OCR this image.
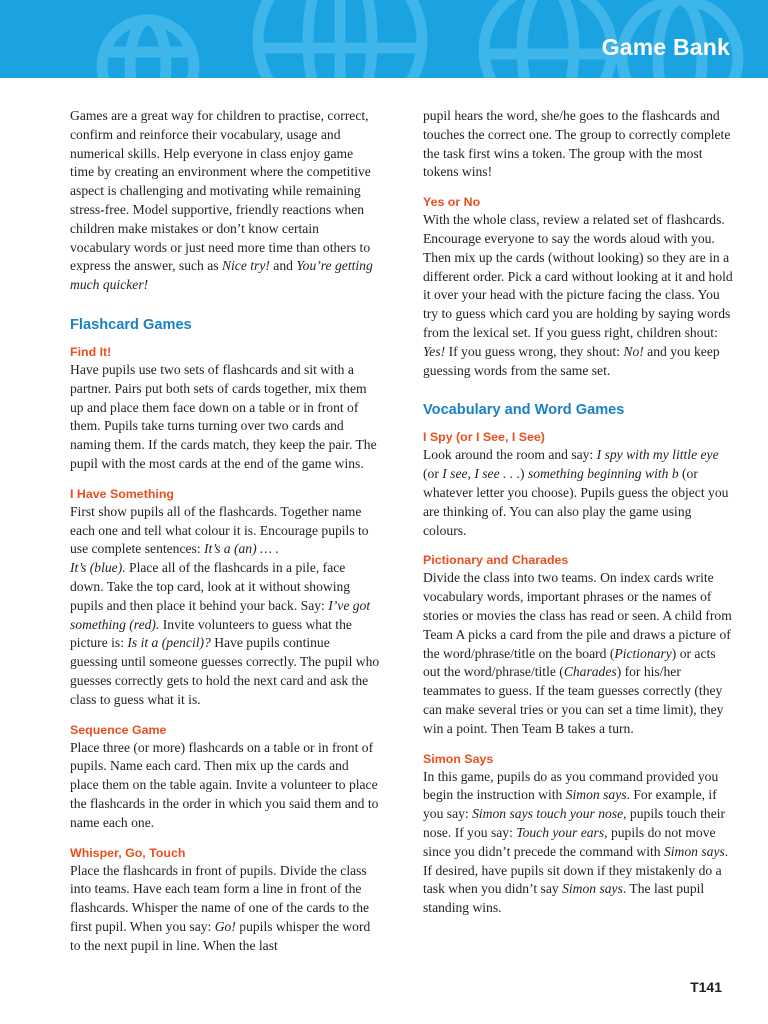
Game Bank

Games are a great way for children to practise, correct, confirm and reinforce their vocabulary, usage and numerical skills. Help everyone in class enjoy game time by creating an environment where the competitive aspect is challenging and motivating while remaining stress-free. Model supportive, friendly reactions when children make mistakes or don’t know certain vocabulary words or just need more time than others to express the answer, such as Nice try! and You’re getting much quicker!

Flashcard Games
Find It!

Have pupils use two sets of flashcards and sit with a partner. Pairs put both sets of cards together, mix them up and place them face down on a table or in front of them. Pupils take turns turning over two cards and naming them. If the cards match, they keep the pair. The pupil with the most cards at the end of the game wins.

I Have Something

First show pupils all of the flashcards. Together name each one and tell what colour it is. Encourage pupils to use complete sentences: It’s a (an) … .
It’s (blue). Place all of the flashcards in a pile, face down. Take the top card, look at it without showing pupils and then place it behind your back. Say: I’ve got something (red). Invite volunteers to guess what the picture is: Is it a (pencil)? Have pupils continue guessing until someone guesses correctly. The pupil who guesses correctly gets to hold the next card and ask the class to guess what it is.

Sequence Game

Place three (or more) flashcards on a table or in front of pupils. Name each card. Then mix up the cards and place them on the table again. Invite a volunteer to place the flashcards in the order in which you said them and to name each one.

Whisper, Go, Touch

Place the flashcards in front of pupils. Divide the class into teams. Have each team form a line in front of the flashcards. Whisper the name of one of the cards to the first pupil. When you say: Go! pupils whisper the word to the next pupil in line. When the last

pupil hears the word, she/he goes to the flashcards and touches the correct one. The group to correctly complete the task first wins a token. The group with the most tokens wins!

Yes or No

With the whole class, review a related set of flashcards. Encourage everyone to say the words aloud with you. Then mix up the cards (without looking) so they are in a different order. Pick a card without looking at it and hold it over your head with the picture facing the class. You try to guess which card you are holding by saying words from the lexical set. If you guess right, children shout: Yes! If you guess wrong, they shout: No! and you keep guessing words from the same set.

Vocabulary and Word Games
I Spy (or I See, I See)

Look around the room and say: I spy with my little eye (or I see, I see . . .) something beginning with b (or whatever letter you choose). Pupils guess the object you are thinking of. You can also play the game using colours.

Pictionary and Charades

Divide the class into two teams. On index cards write vocabulary words, important phrases or the names of stories or movies the class has read or seen. A child from Team A picks a card from the pile and draws a picture of the word/phrase/title on the board (Pictionary) or acts out the word/phrase/title (Charades) for his/her teammates to guess. If the team guesses correctly (they can make several tries or you can set a time limit), they win a point. Then Team B takes a turn.

Simon Says

In this game, pupils do as you command provided you begin the instruction with Simon says. For example, if you say: Simon says touch your nose, pupils touch their nose. If you say: Touch your ears, pupils do not move since you didn’t precede the command with Simon says. If desired, have pupils sit down if they mistakenly do a task when you didn’t say Simon says. The last pupil standing wins.

T141
